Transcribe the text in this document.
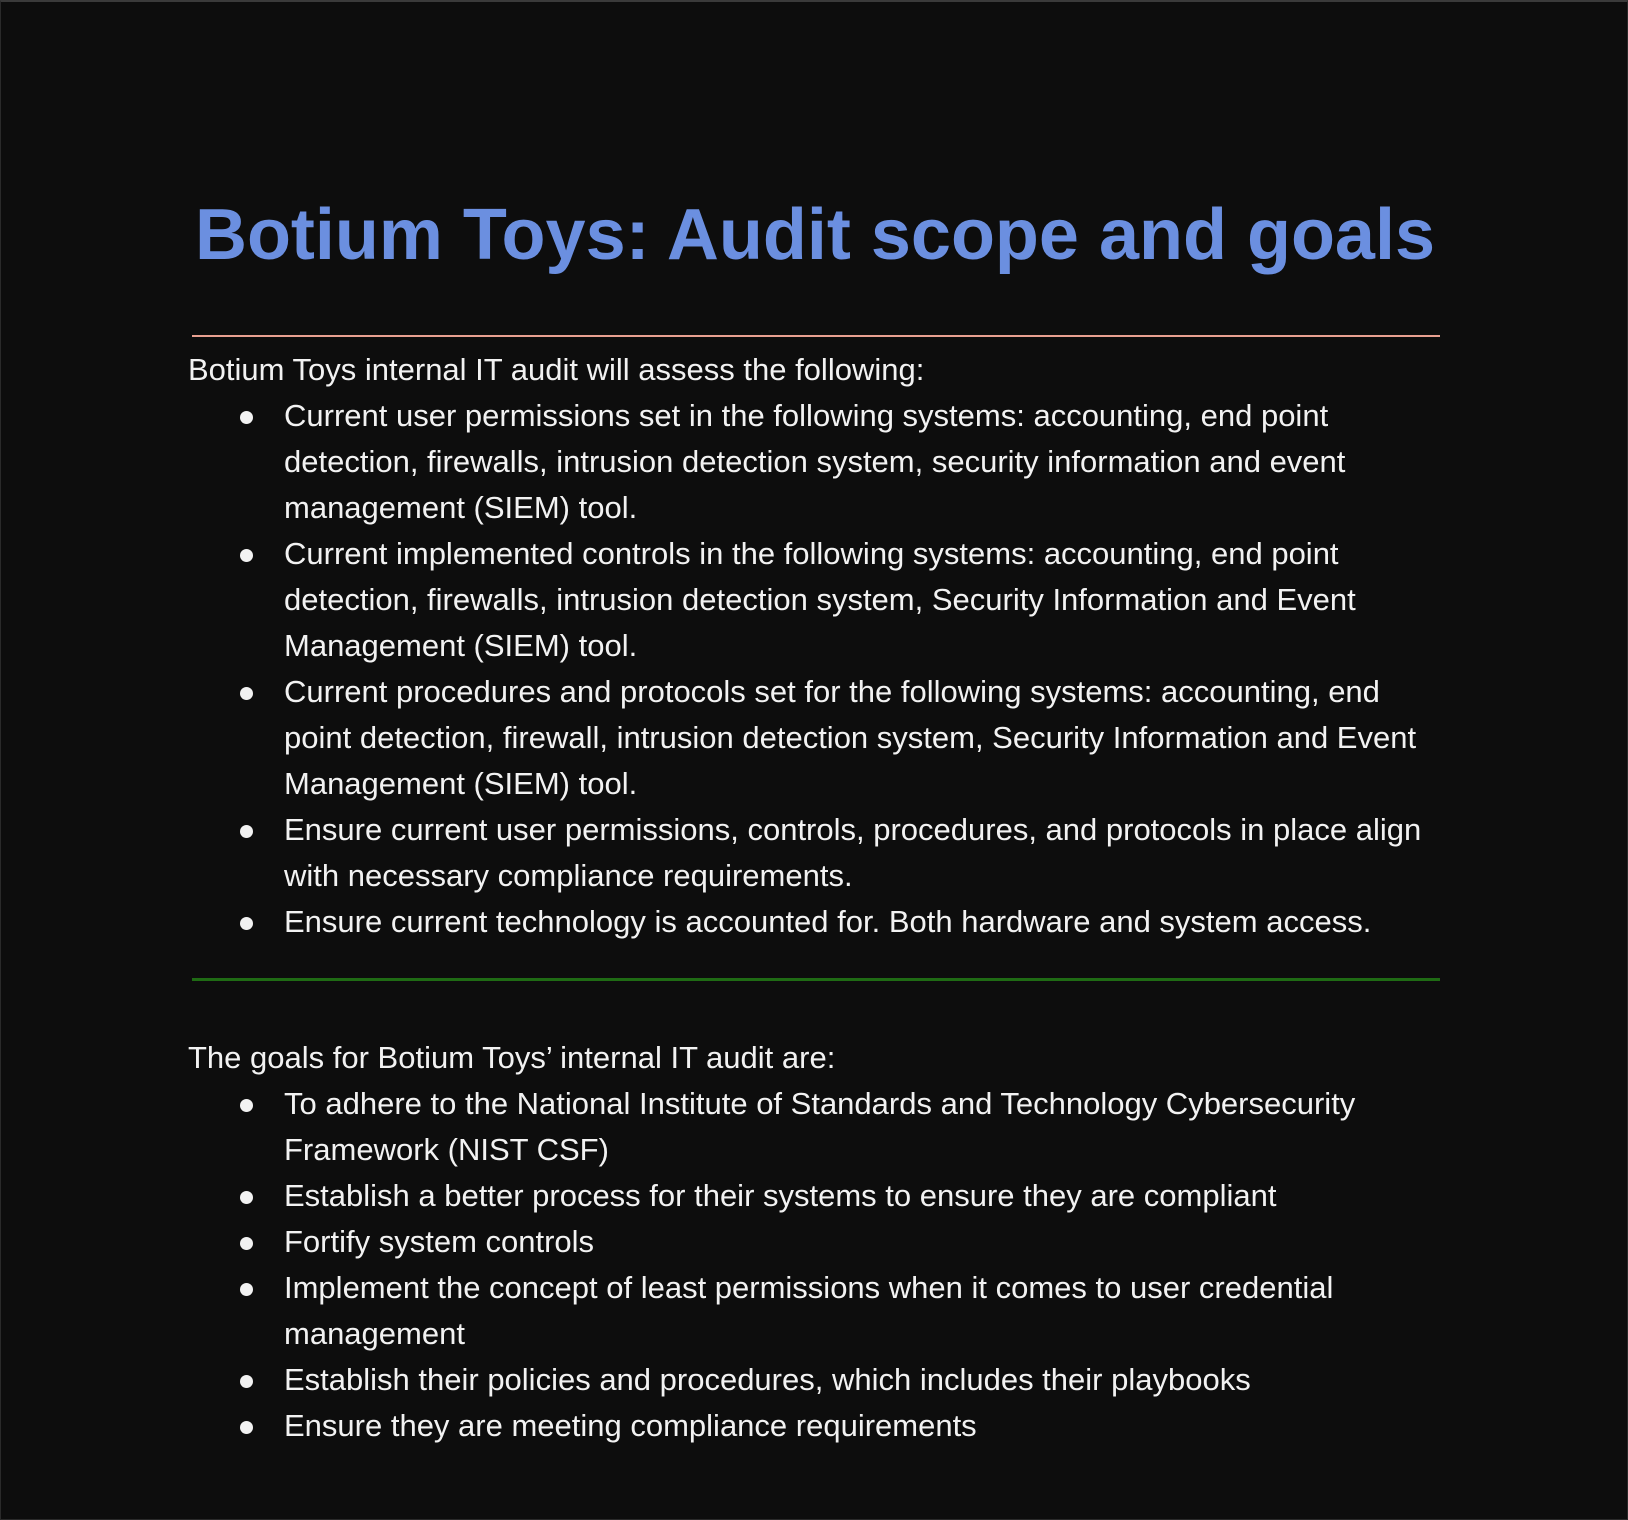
Botium Toys: Audit scope and goals

Botium Toys internal IT audit will assess the following:

Current user permissions set in the following systems: accounting, end point detection, firewalls, intrusion detection system, security information and event management (SIEM) tool.
Current implemented controls in the following systems: accounting, end point detection, firewalls, intrusion detection system, Security Information and Event Management (SIEM) tool.
Current procedures and protocols set for the following systems: accounting, end point detection, firewall, intrusion detection system, Security Information and Event Management (SIEM) tool.
Ensure current user permissions, controls, procedures, and protocols in place align with necessary compliance requirements.
Ensure current technology is accounted for. Both hardware and system access.

The goals for Botium Toys’ internal IT audit are:

To adhere to the National Institute of Standards and Technology Cybersecurity Framework (NIST CSF)
Establish a better process for their systems to ensure they are compliant
Fortify system controls
Implement the concept of least permissions when it comes to user credential management
Establish their policies and procedures, which includes their playbooks
Ensure they are meeting compliance requirements
